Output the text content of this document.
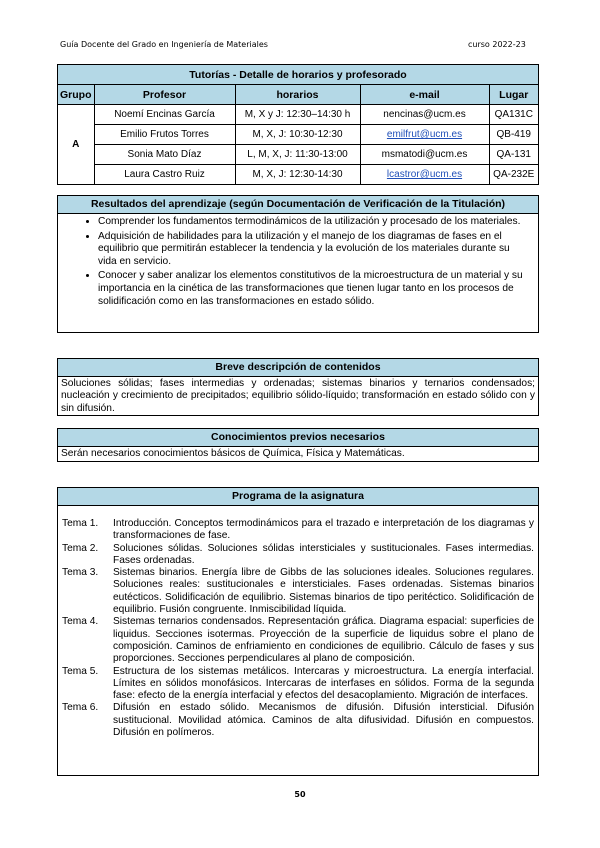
Guía Docente del Grado en Ingeniería de Materiales	curso 2022-23
Tutorías - Detalle de horarios y profesorado				
Grupo	Profesor	horarios	e-mail	Lugar
A	Noemí Encinas García	M, X y J: 12:30–14:30 h	nencinas@ucm.es	QA131C
	Emilio Frutos Torres	M, X, J: 10:30-12:30	emilfrut@ucm.es	QB-419
	Sonia Mato Díaz	L, M, X, J: 11:30-13:00	msmatodi@ucm.es	QA-131
	Laura Castro Ruiz	M, X, J: 12:30-14:30	lcastror@ucm.es	QA-232E
Resultados del aprendizaje (según Documentación de Verificación de la Titulación)
• Comprender los fundamentos termodinámicos de la utilización y procesado de los materiales.
• Adquisición de habilidades para la utilización y el manejo de los diagramas de fases en el equilibrio que permitirán establecer la tendencia y la evolución de los materiales durante su vida en servicio.
• Conocer y saber analizar los elementos constitutivos de la microestructura de un material y su importancia en la cinética de las transformaciones que tienen lugar tanto en los procesos de solidificación como en las transformaciones en estado sólido.
Breve descripción de contenidos
Soluciones sólidas; fases intermedias y ordenadas; sistemas binarios y ternarios condensados; nucleación y crecimiento de precipitados; equilibrio sólido-líquido; transformación en estado sólido con y sin difusión.
Conocimientos previos necesarios
Serán necesarios conocimientos básicos de Química, Física y Matemáticas.
Programa de la asignatura
Tema 1.	Introducción. Conceptos termodinámicos para el trazado e interpretación de los diagramas y transformaciones de fase.
Tema 2.	Soluciones sólidas. Soluciones sólidas intersticiales y sustitucionales. Fases intermedias. Fases ordenadas.
Tema 3.	Sistemas binarios. Energía libre de Gibbs de las soluciones ideales. Soluciones regulares. Soluciones reales: sustitucionales e intersticiales. Fases ordenadas. Sistemas binarios eutécticos. Solidificación de equilibrio. Sistemas binarios de tipo peritéctico. Solidificación de equilibrio. Fusión congruente. Inmiscibilidad líquida.
Tema 4.	Sistemas ternarios condensados. Representación gráfica. Diagrama espacial: superficies de liquidus. Secciones isotermas. Proyección de la superficie de liquidus sobre el plano de composición. Caminos de enfriamiento en condiciones de equilibrio. Cálculo de fases y sus proporciones. Secciones perpendiculares al plano de composición.
Tema 5.	Estructura de los sistemas metálicos. Intercaras y microestructura. La energía interfacial. Límites en sólidos monofásicos. Intercaras de interfases en sólidos. Forma de la segunda fase: efecto de la energía interfacial y efectos del desacoplamiento. Migración de interfaces.
Tema 6.	Difusión en estado sólido. Mecanismos de difusión. Difusión intersticial. Difusión sustitucional. Movilidad atómica. Caminos de alta difusividad. Difusión en compuestos. Difusión en polímeros.
50
